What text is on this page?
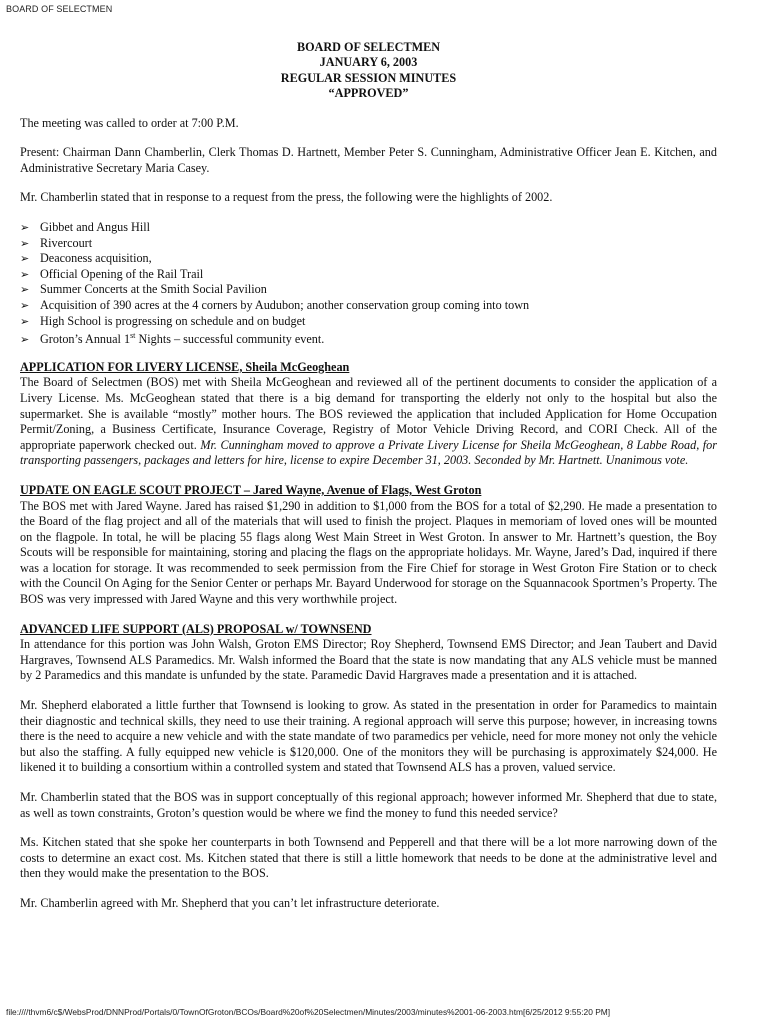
BOARD OF SELECTMEN
BOARD OF SELECTMEN
JANUARY 6, 2003
REGULAR SESSION MINUTES
“APPROVED”

The meeting was called to order at 7:00 P.M.

Present: Chairman Dann Chamberlin, Clerk Thomas D. Hartnett, Member Peter S. Cunningham, Administrative Officer Jean E. Kitchen, and Administrative Secretary Maria Casey.

Mr. Chamberlin stated that in response to a request from the press, the following were the highlights of 2002.

➢ Gibbet and Angus Hill
➢ Rivercourt
➢ Deaconess acquisition,
➢ Official Opening of the Rail Trail
➢ Summer Concerts at the Smith Social Pavilion
➢ Acquisition of 390 acres at the 4 corners by Audubon; another conservation group coming into town
➢ High School is progressing on schedule and on budget
➢ Groton’s Annual 1st Nights – successful community event.
APPLICATION FOR LIVERY LICENSE, Sheila McGeoghean

The Board of Selectmen (BOS) met with Sheila McGeoghean and reviewed all of the pertinent documents to consider the application of a Livery License. Ms. McGeoghean stated that there is a big demand for transporting the elderly not only to the hospital but also the supermarket. She is available “mostly” mother hours. The BOS reviewed the application that included Application for Home Occupation Permit/Zoning, a Business Certificate, Insurance Coverage, Registry of Motor Vehicle Driving Record, and CORI Check. All of the appropriate paperwork checked out. Mr. Cunningham moved to approve a Private Livery License for Sheila McGeoghean, 8 Labbe Road, for transporting passengers, packages and letters for hire, license to expire December 31, 2003. Seconded by Mr. Hartnett. Unanimous vote.

UPDATE ON EAGLE SCOUT PROJECT – Jared Wayne, Avenue of Flags, West Groton

The BOS met with Jared Wayne. Jared has raised $1,290 in addition to $1,000 from the BOS for a total of $2,290. He made a presentation to the Board of the flag project and all of the materials that will used to finish the project. Plaques in memoriam of loved ones will be mounted on the flagpole. In total, he will be placing 55 flags along West Main Street in West Groton. In answer to Mr. Hartnett’s question, the Boy Scouts will be responsible for maintaining, storing and placing the flags on the appropriate holidays. Mr. Wayne, Jared’s Dad, inquired if there was a location for storage. It was recommended to seek permission from the Fire Chief for storage in West Groton Fire Station or to check with the Council On Aging for the Senior Center or perhaps Mr. Bayard Underwood for storage on the Squannacook Sportmen’s Property. The BOS was very impressed with Jared Wayne and this very worthwhile project.

ADVANCED LIFE SUPPORT (ALS) PROPOSAL w/ TOWNSEND

In attendance for this portion was John Walsh, Groton EMS Director; Roy Shepherd, Townsend EMS Director; and Jean Taubert and David Hargraves, Townsend ALS Paramedics. Mr. Walsh informed the Board that the state is now mandating that any ALS vehicle must be manned by 2 Paramedics and this mandate is unfunded by the state. Paramedic David Hargraves made a presentation and it is attached.

Mr. Shepherd elaborated a little further that Townsend is looking to grow. As stated in the presentation in order for Paramedics to maintain their diagnostic and technical skills, they need to use their training. A regional approach will serve this purpose; however, in increasing towns there is the need to acquire a new vehicle and with the state mandate of two paramedics per vehicle, need for more money not only the vehicle but also the staffing. A fully equipped new vehicle is $120,000. One of the monitors they will be purchasing is approximately $24,000. He likened it to building a consortium within a controlled system and stated that Townsend ALS has a proven, valued service.

Mr. Chamberlin stated that the BOS was in support conceptually of this regional approach; however informed Mr. Shepherd that due to state, as well as town constraints, Groton’s question would be where we find the money to fund this needed service?

Ms. Kitchen stated that she spoke her counterparts in both Townsend and Pepperell and that there will be a lot more narrowing down of the costs to determine an exact cost. Ms. Kitchen stated that there is still a little homework that needs to be done at the administrative level and then they would make the presentation to the BOS.

Mr. Chamberlin agreed with Mr. Shepherd that you can’t let infrastructure deteriorate.

file:////thvm6/c$/WebsProd/DNNProd/Portals/0/TownOfGroton/BCOs/Board%20of%20Selectmen/Minutes/2003/minutes%2001-06-2003.htm[6/25/2012 9:55:20 PM]
